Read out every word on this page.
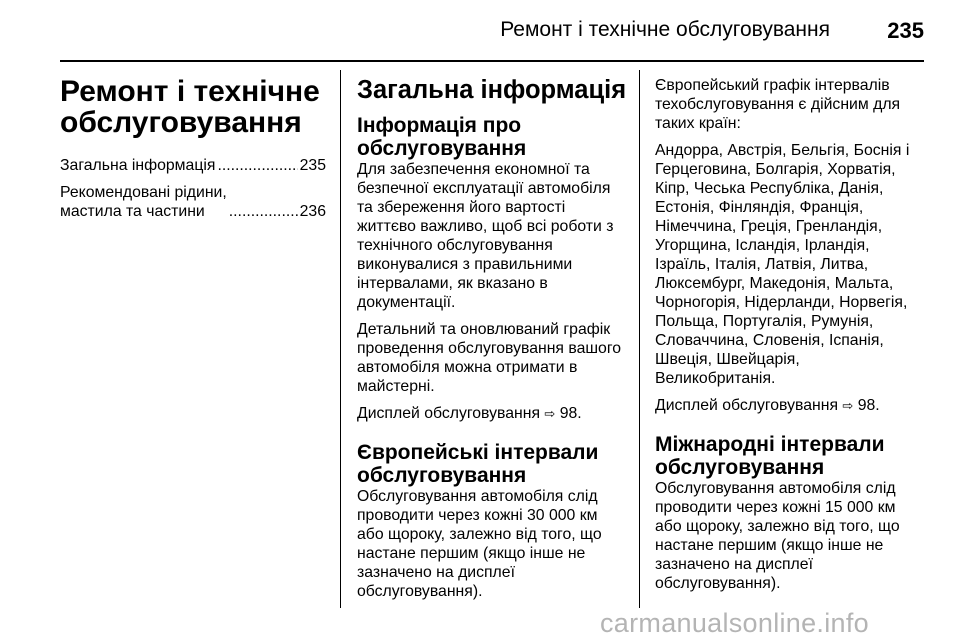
Ремонт і технічне обслуговування	235
Ремонт і технічне
обслуговування
Загальна інформація .....	235
Рекомендовані рідини,
мастила та частини .....	236
Загальна інформація
Інформація про
обслуговування

Для забезпечення економної та безпечної експлуатації автомобіля та збереження його вартості життєво важливо, щоб всі роботи з технічного обслуговування виконувалися з правильними інтервалами, як вказано в документації.

Детальний та оновлюваний графік проведення обслуговування вашого автомобіля можна отримати в майстерні.

Дисплей обслуговування ⇨ 98.

Європейські інтервали
обслуговування

Обслуговування автомобіля слід проводити через кожні 30 000 км або щороку, залежно від того, що настане першим (якщо інше не зазначено на дисплеї обслуговування).

Європейський графік інтервалів техобслуговування є дійсним для таких країн:

Андорра, Австрія, Бельгія, Боснія і Герцеговина, Болгарія, Хорватія, Кіпр, Чеська Республіка, Данія, Естонія, Фінляндія, Франція, Німеччина, Греція, Гренландія, Угорщина, Ісландія, Ірландія, Ізраїль, Італія, Латвія, Литва, Люксембург, Македонія, Мальта, Чорногорія, Нідерланди, Норвегія, Польща, Португалія, Румунія, Словаччина, Словенія, Іспанія, Швеція, Швейцарія, Великобританія.

Дисплей обслуговування ⇨ 98.

Міжнародні інтервали
обслуговування

Обслуговування автомобіля слід проводити через кожні 15 000 км або щороку, залежно від того, що настане першим (якщо інше не зазначено на дисплеї обслуговування).

carmanualsonline.info
